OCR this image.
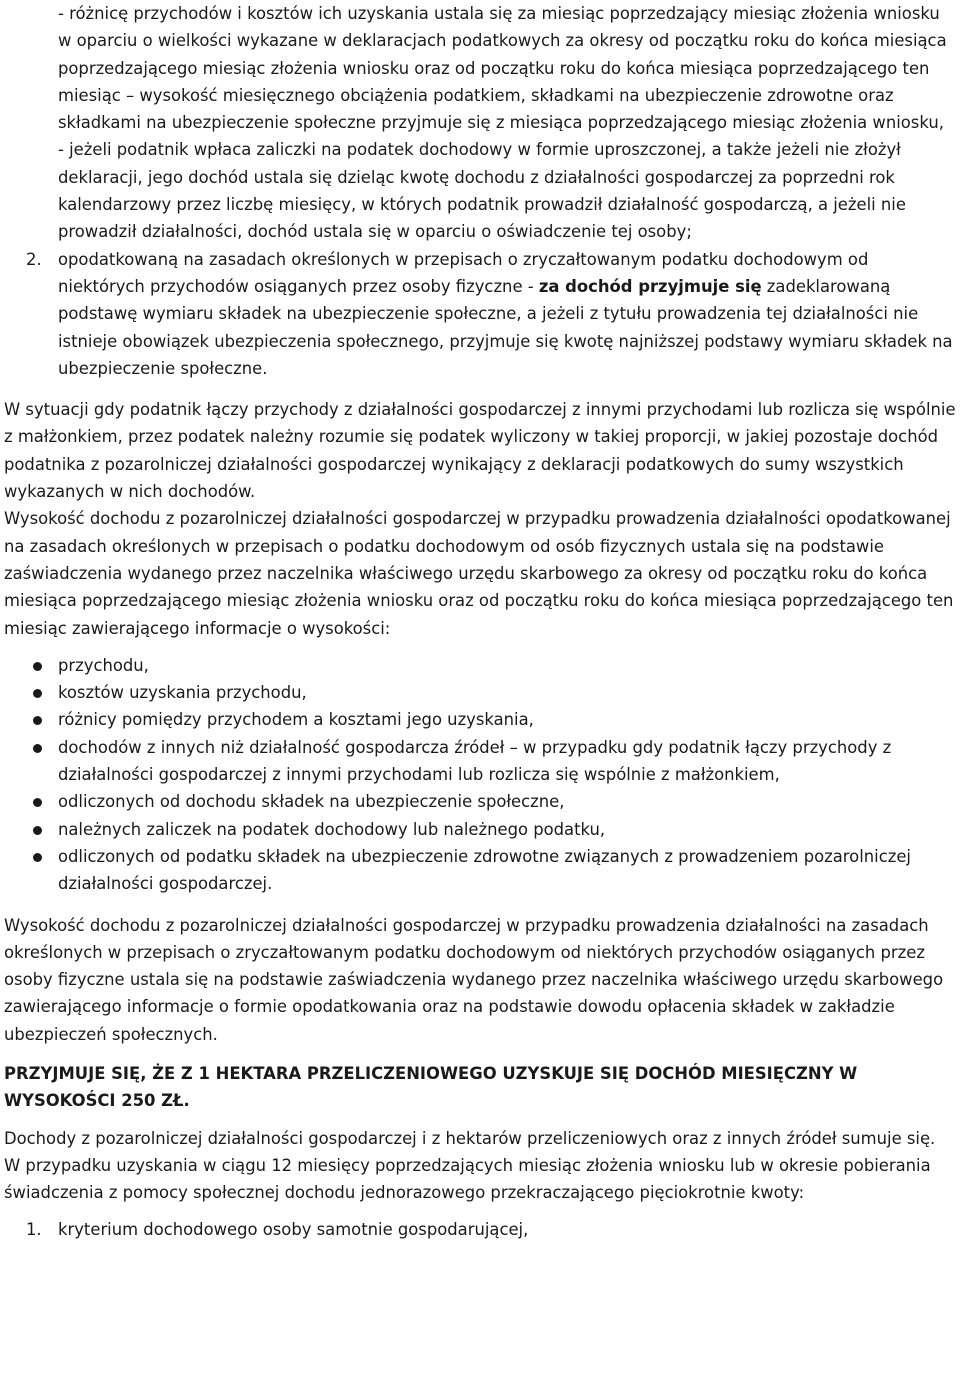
- różnicę przychodów i kosztów ich uzyskania ustala się za miesiąc poprzedzający miesiąc złożenia wniosku w oparciu o wielkości wykazane w deklaracjach podatkowych za okresy od początku roku do końca miesiąca poprzedzającego miesiąc złożenia wniosku oraz od początku roku do końca miesiąca poprzedzającego ten miesiąc – wysokość miesięcznego obciążenia podatkiem, składkami na ubezpieczenie zdrowotne oraz składkami na ubezpieczenie społeczne przyjmuje się z miesiąca poprzedzającego miesiąc złożenia wniosku,

- jeżeli podatnik wpłaca zaliczki na podatek dochodowy w formie uproszczonej, a także jeżeli nie złożył deklaracji, jego dochód ustala się dzieląc kwotę dochodu z działalności gospodarczej za poprzedni rok kalendarzowy przez liczbę miesięcy, w których podatnik prowadził działalność gospodarczą, a jeżeli nie prowadził działalności, dochód ustala się w oparciu o oświadczenie tej osoby;

2. opodatkowaną na zasadach określonych w przepisach o zryczałtowanym podatku dochodowym od niektórych przychodów osiąganych przez osoby fizyczne - za dochód przyjmuje się zadeklarowaną podstawę wymiaru składek na ubezpieczenie społeczne, a jeżeli z tytułu prowadzenia tej działalności nie istnieje obowiązek ubezpieczenia społecznego, przyjmuje się kwotę najniższej podstawy wymiaru składek na ubezpieczenie społeczne.

W sytuacji gdy podatnik łączy przychody z działalności gospodarczej z innymi przychodami lub rozlicza się wspólnie z małżonkiem, przez podatek należny rozumie się podatek wyliczony w takiej proporcji, w jakiej pozostaje dochód podatnika z pozarolniczej działalności gospodarczej wynikający z deklaracji podatkowych do sumy wszystkich wykazanych w nich dochodów.

Wysokość dochodu z pozarolniczej działalności gospodarczej w przypadku prowadzenia działalności opodatkowanej na zasadach określonych w przepisach o podatku dochodowym od osób fizycznych ustala się na podstawie zaświadczenia wydanego przez naczelnika właściwego urzędu skarbowego za okresy od początku roku do końca miesiąca poprzedzającego miesiąc złożenia wniosku oraz od początku roku do końca miesiąca poprzedzającego ten miesiąc zawierającego informacje o wysokości:

przychodu,
kosztów uzyskania przychodu,
różnicy pomiędzy przychodem a kosztami jego uzyskania,
dochodów z innych niż działalność gospodarcza źródeł – w przypadku gdy podatnik łączy przychody z działalności gospodarczej z innymi przychodami lub rozlicza się wspólnie z małżonkiem,
odliczonych od dochodu składek na ubezpieczenie społeczne,
należnych zaliczek na podatek dochodowy lub należnego podatku,
odliczonych od podatku składek na ubezpieczenie zdrowotne związanych z prowadzeniem pozarolniczej działalności gospodarczej.

Wysokość dochodu z pozarolniczej działalności gospodarczej w przypadku prowadzenia działalności na zasadach określonych w przepisach o zryczałtowanym podatku dochodowym od niektórych przychodów osiąganych przez osoby fizyczne ustala się na podstawie zaświadczenia wydanego przez naczelnika właściwego urzędu skarbowego zawierającego informacje o formie opodatkowania oraz na podstawie dowodu opłacenia składek w zakładzie ubezpieczeń społecznych.

PRZYJMUJE SIĘ, ŻE Z 1 HEKTARA PRZELICZENIOWEGO UZYSKUJE SIĘ DOCHÓD MIESIĘCZNY W WYSOKOŚCI 250 ZŁ.

Dochody z pozarolniczej działalności gospodarczej i z hektarów przeliczeniowych oraz z innych źródeł sumuje się.

W przypadku uzyskania w ciągu 12 miesięcy poprzedzających miesiąc złożenia wniosku lub w okresie pobierania świadczenia z pomocy społecznej dochodu jednorazowego przekraczającego pięciokrotnie kwoty:

1. kryterium dochodowego osoby samotnie gospodarującej,
